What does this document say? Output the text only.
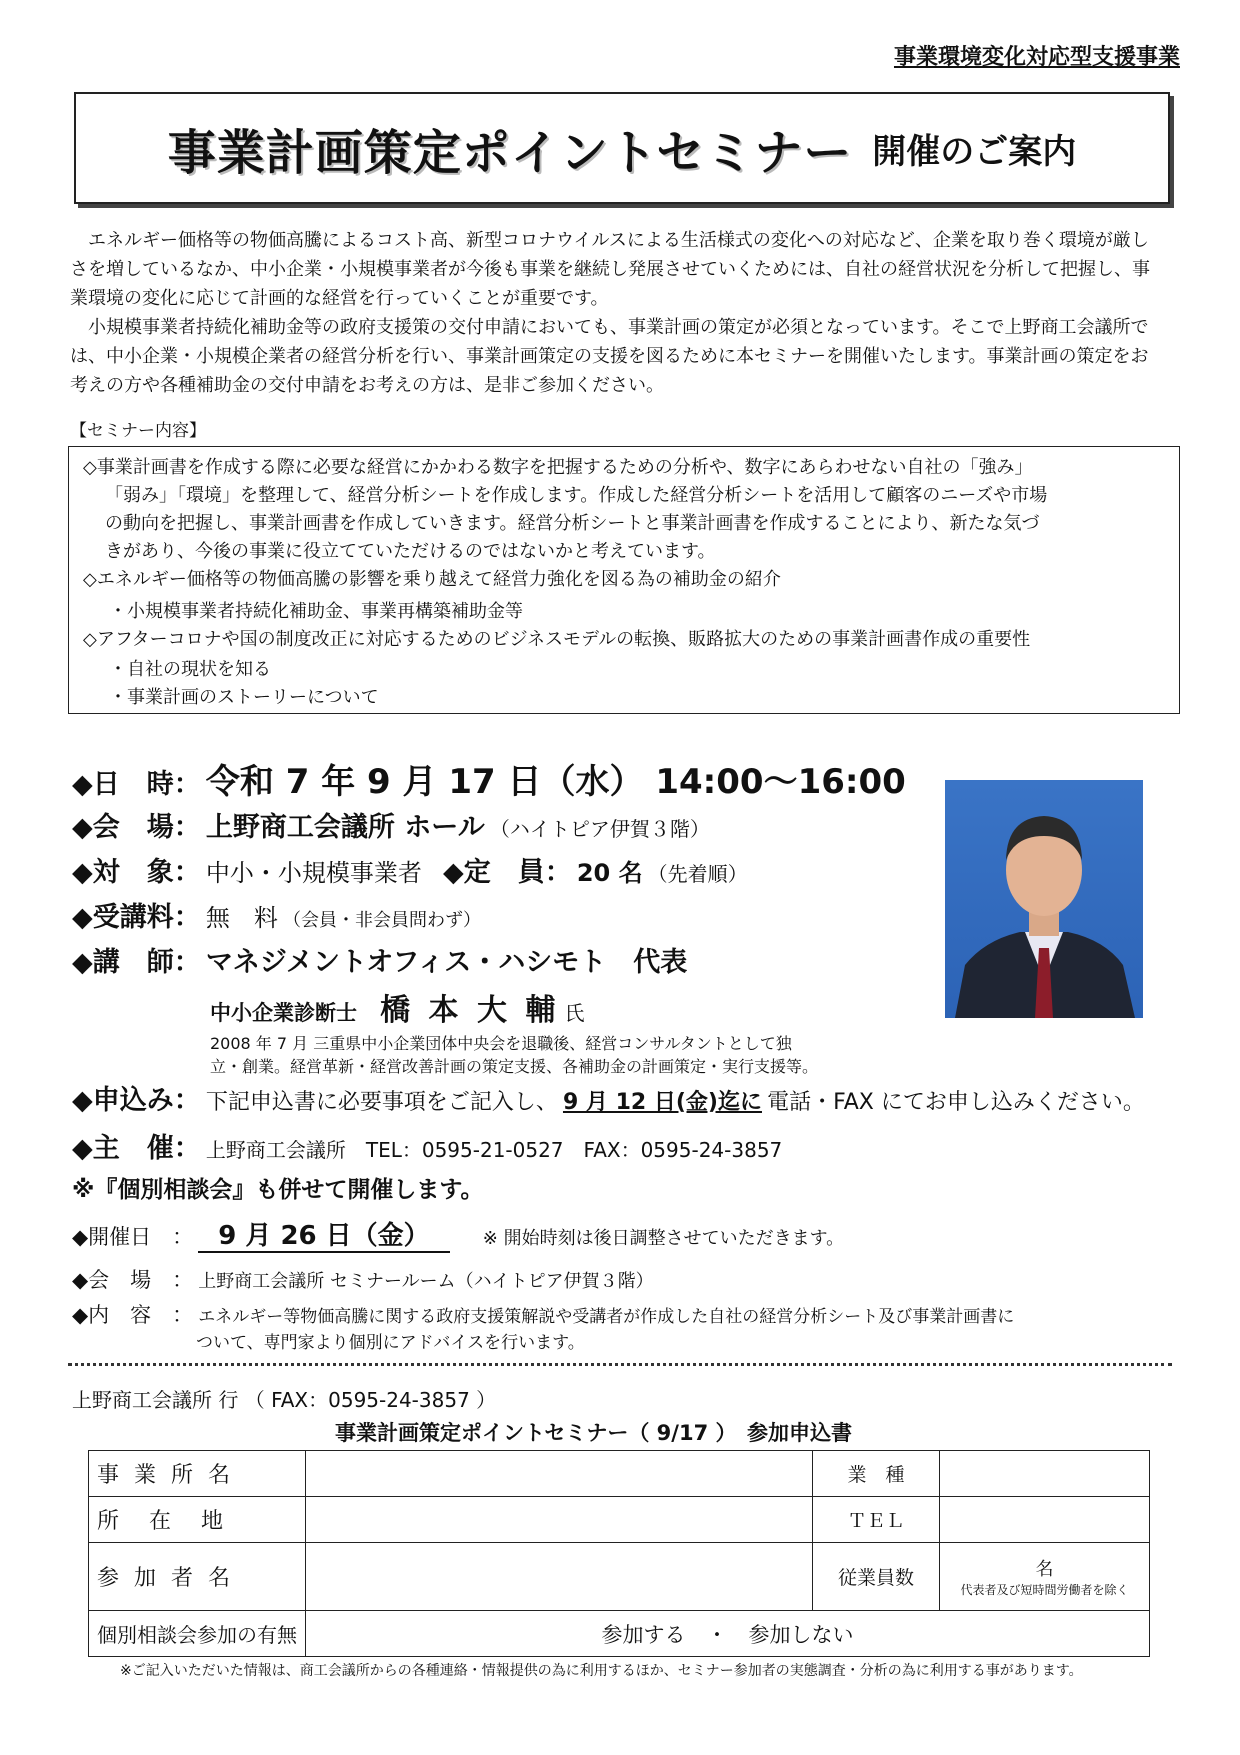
事業環境変化対応型支援事業
事業計画策定ポイントセミナー 開催のご案内

エネルギー価格等の物価高騰によるコスト高、新型コロナウイルスによる生活様式の変化への対応など、企業を取り巻く環境が厳しさを増しているなか、中小企業・小規模事業者が今後も事業を継続し発展させていくためには、自社の経営状況を分析して把握し、事業環境の変化に応じて計画的な経営を行っていくことが重要です。

小規模事業者持続化補助金等の政府支援策の交付申請においても、事業計画の策定が必須となっています。そこで上野商工会議所では、中小企業・小規模企業者の経営分析を行い、事業計画策定の支援を図るために本セミナーを開催いたします。事業計画の策定をお考えの方や各種補助金の交付申請をお考えの方は、是非ご参加ください。

【セミナー内容】
◇事業計画書を作成する際に必要な経営にかかわる数字を把握するための分析や、数字にあらわせない自社の「強み」
「弱み」「環境」を整理して、経営分析シートを作成します。作成した経営分析シートを活用して顧客のニーズや市場
の動向を把握し、事業計画書を作成していきます。経営分析シートと事業計画書を作成することにより、新たな気づ
きがあり、今後の事業に役立てていただけるのではないかと考えています。
◇エネルギー価格等の物価高騰の影響を乗り越えて経営力強化を図る為の補助金の紹介
・小規模事業者持続化補助金、事業再構築補助金等
◇アフターコロナや国の制度改正に対応するためのビジネスモデルの転換、販路拡大のための事業計画書作成の重要性
・自社の現状を知る
・事業計画のストーリーについて
◆日　時： 令和 7 年 9 月 17 日（水） 14:00～16:00
◆会　場： 上野商工会議所 ホール （ハイトピア伊賀３階）
◆対　象： 中小・小規模事業者 ◆定　員： 20 名 （先着順）
◆受講料： 無　料 （会員・非会員問わず）
◆講　師： マネジメントオフィス・ハシモト　代表
中小企業診断士 橋 本 大 輔 氏
2008 年 7 月 三重県中小企業団体中央会を退職後、経営コンサルタントとして独
立・創業。経営革新・経営改善計画の策定支援、各補助金の計画策定・実行支援等。
◆申込み： 下記申込書に必要事項をご記入し、 9 月 12 日(金)迄に 電話・FAX にてお申し込みください。
◆主　催： 上野商工会議所　TEL：0595-21-0527　FAX：0595-24-3857
※『個別相談会』も併せて開催します。
◆開催日　： 9 月 26 日（金）	※ 開始時刻は後日調整させていただきます。
◆会　場　： 上野商工会議所 セミナールーム（ハイトピア伊賀３階）
◆内　容　： エネルギー等物価高騰に関する政府支援策解説や受講者が作成した自社の経営分析シート及び事業計画書に
ついて、専門家より個別にアドバイスを行います。
上野商工会議所 行 （ FAX：0595-24-3857 ）
事業計画策定ポイントセミナー（ 9/17 ）　参加申込書
事 業 所 名		業　種	
所　在　地		ＴＥＬ	
参 加 者 名		従業員数	名
代表者及び短時間労働者を除く

個別相談会参加の有無	参加する　・　参加しない		
※ご記入いただいた情報は、商工会議所からの各種連絡・情報提供の為に利用するほか、セミナー参加者の実態調査・分析の為に利用する事があります。
